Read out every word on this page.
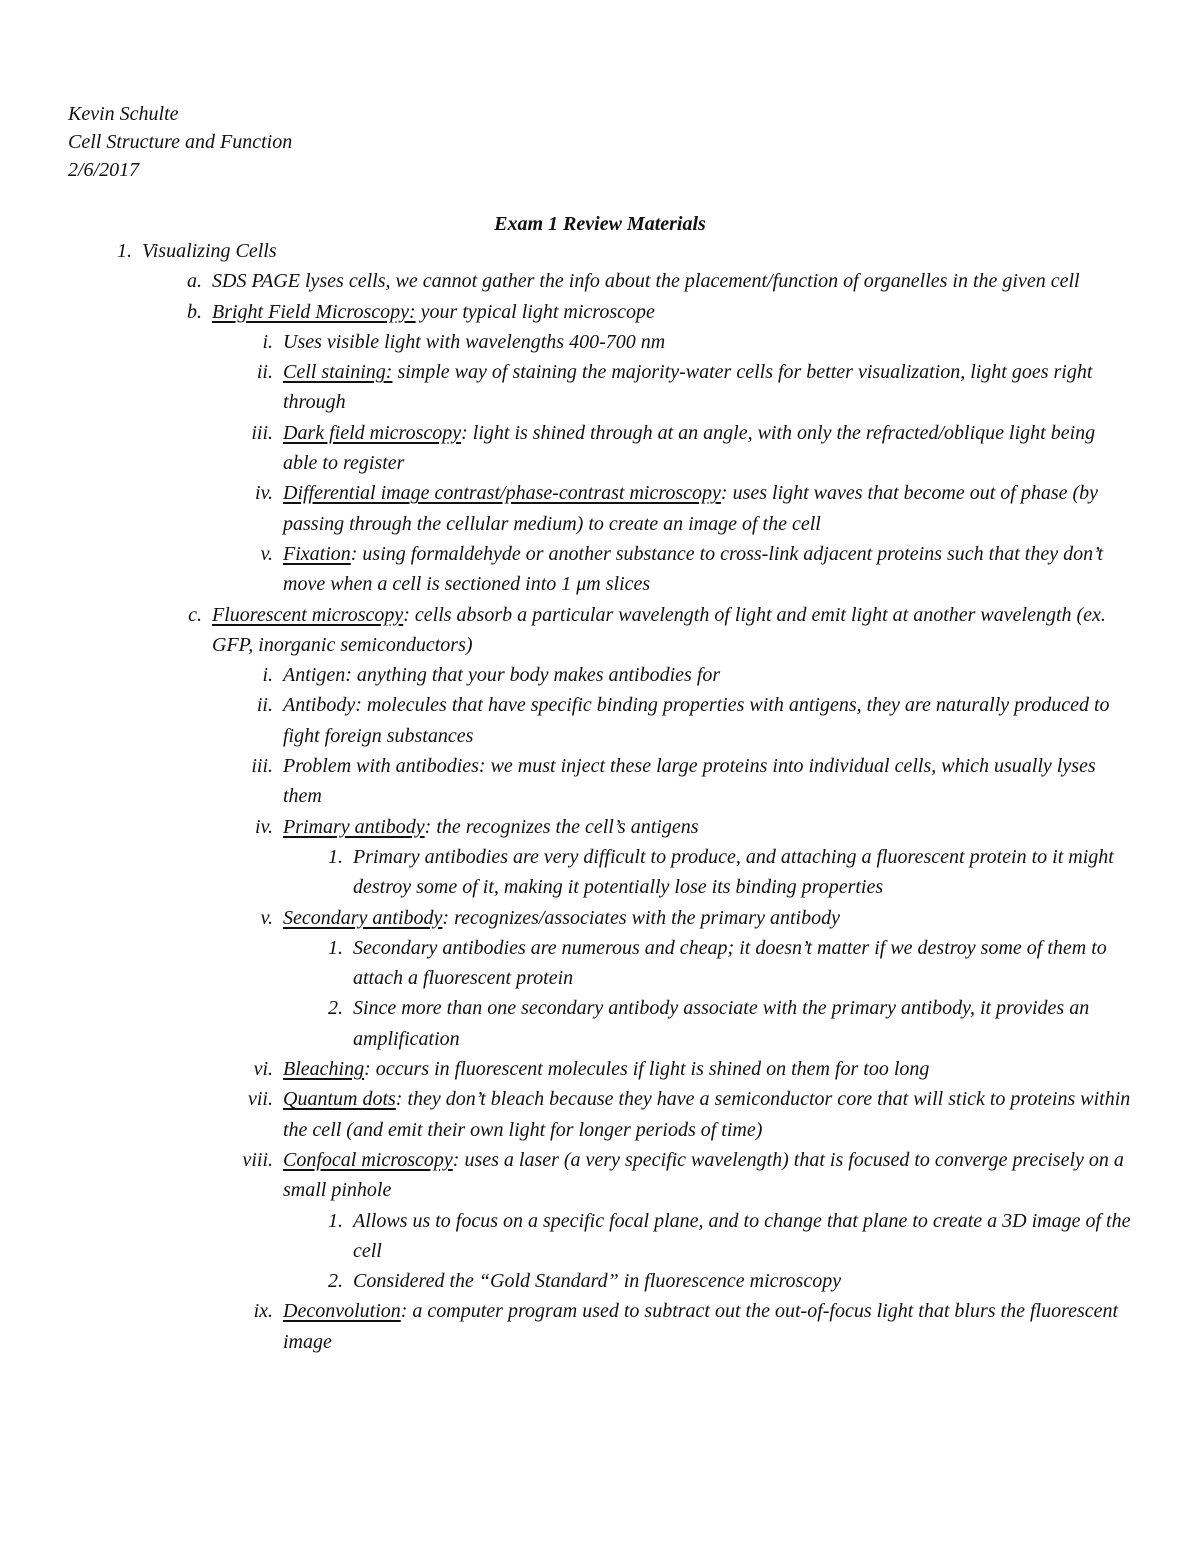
Kevin Schulte
Cell Structure and Function
2/6/2017
Exam 1 Review Materials
1. Visualizing Cells
a. SDS PAGE lyses cells, we cannot gather the info about the placement/function of organelles in the given cell
b. Bright Field Microscopy: your typical light microscope
i. Uses visible light with wavelengths 400-700 nm
ii. Cell staining: simple way of staining the majority-water cells for better visualization, light goes right through
iii. Dark field microscopy: light is shined through at an angle, with only the refracted/oblique light being able to register
iv. Differential image contrast/phase-contrast microscopy: uses light waves that become out of phase (by passing through the cellular medium) to create an image of the cell
v. Fixation: using formaldehyde or another substance to cross-link adjacent proteins such that they don’t move when a cell is sectioned into 1 μm slices
c. Fluorescent microscopy: cells absorb a particular wavelength of light and emit light at another wavelength (ex. GFP, inorganic semiconductors)
i. Antigen: anything that your body makes antibodies for
ii. Antibody: molecules that have specific binding properties with antigens, they are naturally produced to fight foreign substances
iii. Problem with antibodies: we must inject these large proteins into individual cells, which usually lyses them
iv. Primary antibody: the recognizes the cell’s antigens
1. Primary antibodies are very difficult to produce, and attaching a fluorescent protein to it might destroy some of it, making it potentially lose its binding properties
v. Secondary antibody: recognizes/associates with the primary antibody
1. Secondary antibodies are numerous and cheap; it doesn’t matter if we destroy some of them to attach a fluorescent protein
2. Since more than one secondary antibody associate with the primary antibody, it provides an amplification
vi. Bleaching: occurs in fluorescent molecules if light is shined on them for too long
vii. Quantum dots: they don’t bleach because they have a semiconductor core that will stick to proteins within the cell (and emit their own light for longer periods of time)
viii. Confocal microscopy: uses a laser (a very specific wavelength) that is focused to converge precisely on a small pinhole
1. Allows us to focus on a specific focal plane, and to change that plane to create a 3D image of the cell
2. Considered the “Gold Standard” in fluorescence microscopy
ix. Deconvolution: a computer program used to subtract out the out-of-focus light that blurs the fluorescent image
